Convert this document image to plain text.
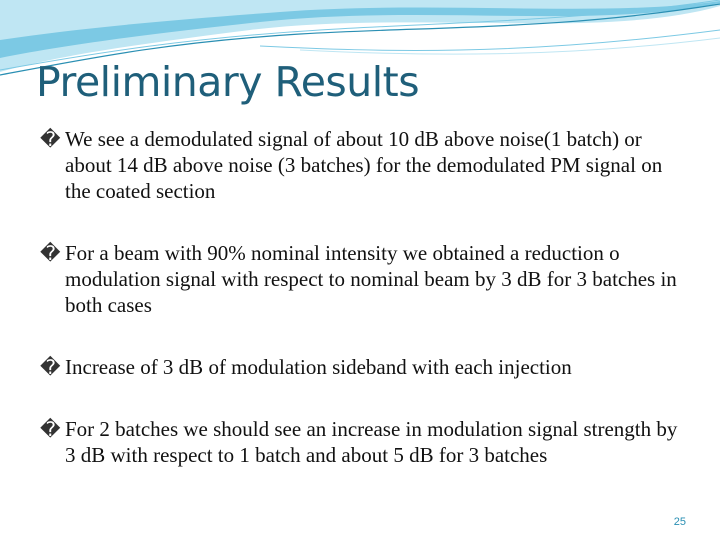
Preliminary Results
� We see a demodulated signal of about 10 dB above noise(1 batch) or about 14 dB above noise (3 batches) for the demodulated PM signal on the coated section
� For a beam with 90% nominal intensity we obtained a reduction o modulation signal with respect to nominal beam by 3 dB for 3 batches in both cases
� Increase of 3 dB of modulation sideband with each injection
� For 2 batches we should see an increase in modulation signal strength by 3 dB with respect to 1 batch and about 5 dB for 3 batches
25
